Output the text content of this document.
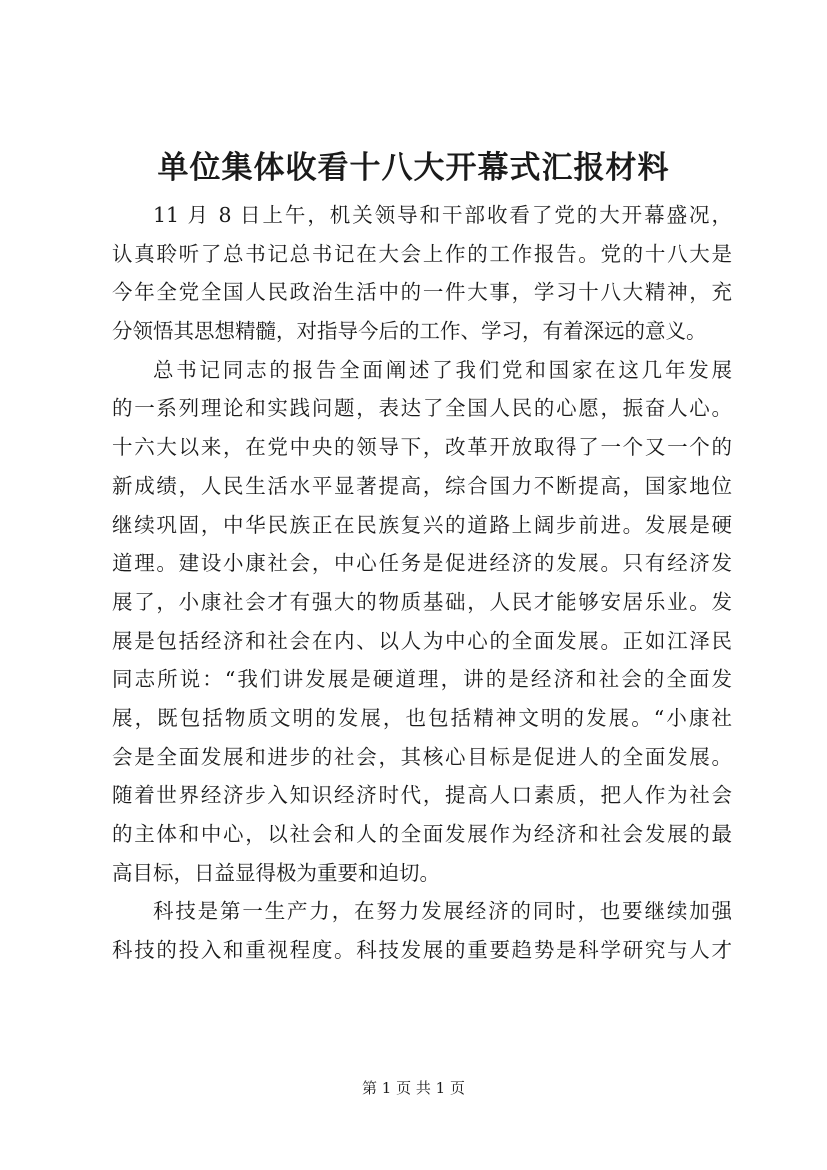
单位集体收看十八大开幕式汇报材料
11 月 8 日上午，机关领导和干部收看了党的大开幕盛况，
认真聆听了总书记总书记在大会上作的工作报告。党的十八大是
今年全党全国人民政治生活中的一件大事，学习十八大精神，充
分领悟其思想精髓，对指导今后的工作、学习，有着深远的意义。
总书记同志的报告全面阐述了我们党和国家在这几年发展
的一系列理论和实践问题，表达了全国人民的心愿，振奋人心。
十六大以来，在党中央的领导下，改革开放取得了一个又一个的
新成绩，人民生活水平显著提高，综合国力不断提高，国家地位
继续巩固，中华民族正在民族复兴的道路上阔步前进。发展是硬
道理。建设小康社会，中心任务是促进经济的发展。只有经济发
展了，小康社会才有强大的物质基础，人民才能够安居乐业。发
展是包括经济和社会在内、以人为中心的全面发展。正如江泽民
同志所说：“我们讲发展是硬道理，讲的是经济和社会的全面发
展，既包括物质文明的发展，也包括精神文明的发展。“小康社
会是全面发展和进步的社会，其核心目标是促进人的全面发展。
随着世界经济步入知识经济时代，提高人口素质，把人作为社会
的主体和中心，以社会和人的全面发展作为经济和社会发展的最
高目标，日益显得极为重要和迫切。
科技是第一生产力，在努力发展经济的同时，也要继续加强
科技的投入和重视程度。科技发展的重要趋势是科学研究与人才
第 1 页 共 1 页
